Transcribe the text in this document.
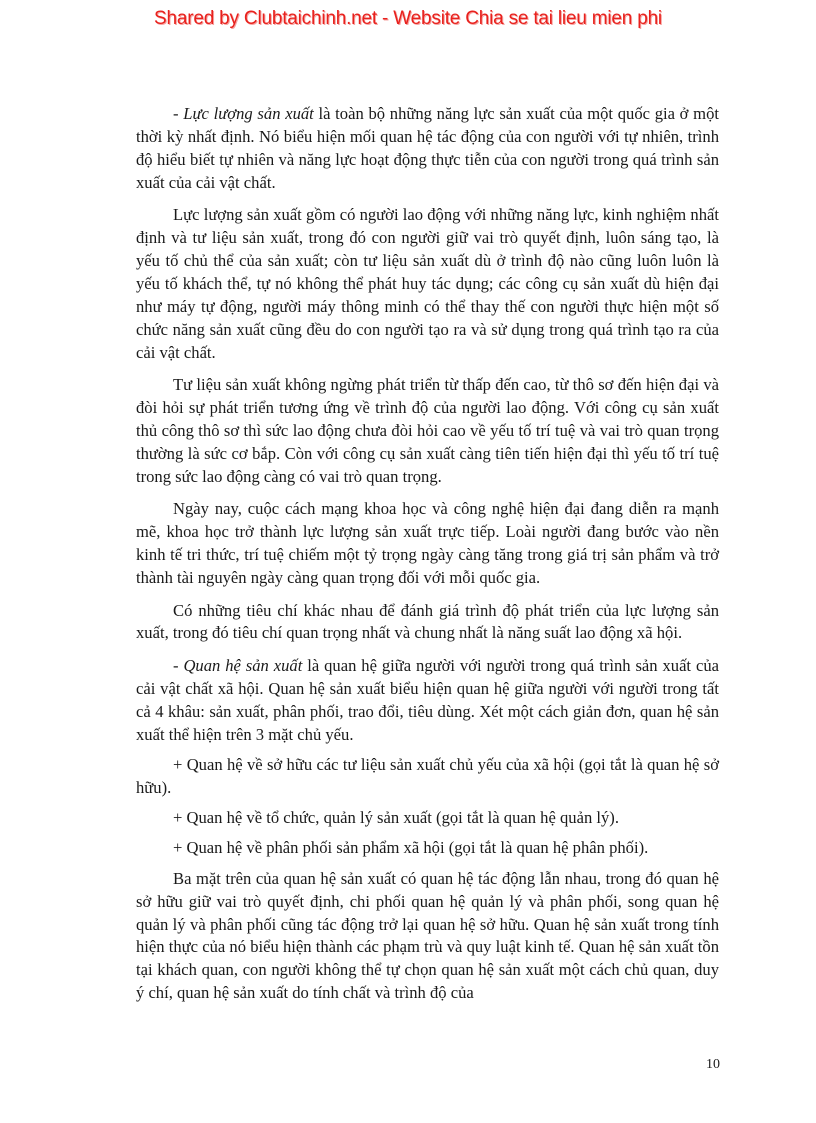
Shared by Clubtaichinh.net - Website Chia se tai lieu mien phi

- Lực lượng sản xuất là toàn bộ những năng lực sản xuất của một quốc gia ở một thời kỳ nhất định. Nó biểu hiện mối quan hệ tác động của con người với tự nhiên, trình độ hiểu biết tự nhiên và năng lực hoạt động thực tiễn của con người trong quá trình sản xuất của cải vật chất.

Lực lượng sản xuất gồm có người lao động với những năng lực, kinh nghiệm nhất định và tư liệu sản xuất, trong đó con người giữ vai trò quyết định, luôn sáng tạo, là yếu tố chủ thể của sản xuất; còn tư liệu sản xuất dù ở trình độ nào cũng luôn luôn là yếu tố khách thể, tự nó không thể phát huy tác dụng; các công cụ sản xuất dù hiện đại như máy tự động, người máy thông minh có thể thay thế con người thực hiện một số chức năng sản xuất cũng đều do con người tạo ra và sử dụng trong quá trình tạo ra của cải vật chất.

Tư liệu sản xuất không ngừng phát triển từ thấp đến cao, từ thô sơ đến hiện đại và đòi hỏi sự phát triển tương ứng về trình độ của người lao động. Với công cụ sản xuất thủ công thô sơ thì sức lao động chưa đòi hỏi cao về yếu tố trí tuệ và vai trò quan trọng thường là sức cơ bắp. Còn với công cụ sản xuất càng tiên tiến hiện đại thì yếu tố trí tuệ trong sức lao động càng có vai trò quan trọng.

Ngày nay, cuộc cách mạng khoa học và công nghệ hiện đại đang diễn ra mạnh mẽ, khoa học trở thành lực lượng sản xuất trực tiếp. Loài người đang bước vào nền kinh tế tri thức, trí tuệ chiếm một tỷ trọng ngày càng tăng trong giá trị sản phẩm và trở thành tài nguyên ngày càng quan trọng đối với mỗi quốc gia.

Có những tiêu chí khác nhau để đánh giá trình độ phát triển của lực lượng sản xuất, trong đó tiêu chí quan trọng nhất và chung nhất là năng suất lao động xã hội.

- Quan hệ sản xuất là quan hệ giữa người với người trong quá trình sản xuất của cải vật chất xã hội. Quan hệ sản xuất biểu hiện quan hệ giữa người với người trong tất cả 4 khâu: sản xuất, phân phối, trao đổi, tiêu dùng. Xét một cách giản đơn, quan hệ sản xuất thể hiện trên 3 mặt chủ yếu.

+ Quan hệ về sở hữu các tư liệu sản xuất chủ yếu của xã hội (gọi tắt là quan hệ sở hữu).

+ Quan hệ về tổ chức, quản lý sản xuất (gọi tắt là quan hệ quản lý).

+ Quan hệ về phân phối sản phẩm xã hội (gọi tắt là quan hệ phân phối).

Ba mặt trên của quan hệ sản xuất có quan hệ tác động lẫn nhau, trong đó quan hệ sở hữu giữ vai trò quyết định, chi phối quan hệ quản lý và phân phối, song quan hệ quản lý và phân phối cũng tác động trở lại quan hệ sở hữu. Quan hệ sản xuất trong tính hiện thực của nó biểu hiện thành các phạm trù và quy luật kinh tế. Quan hệ sản xuất tồn tại khách quan, con người không thể tự chọn quan hệ sản xuất một cách chủ quan, duy ý chí, quan hệ sản xuất do tính chất và trình độ của

10
